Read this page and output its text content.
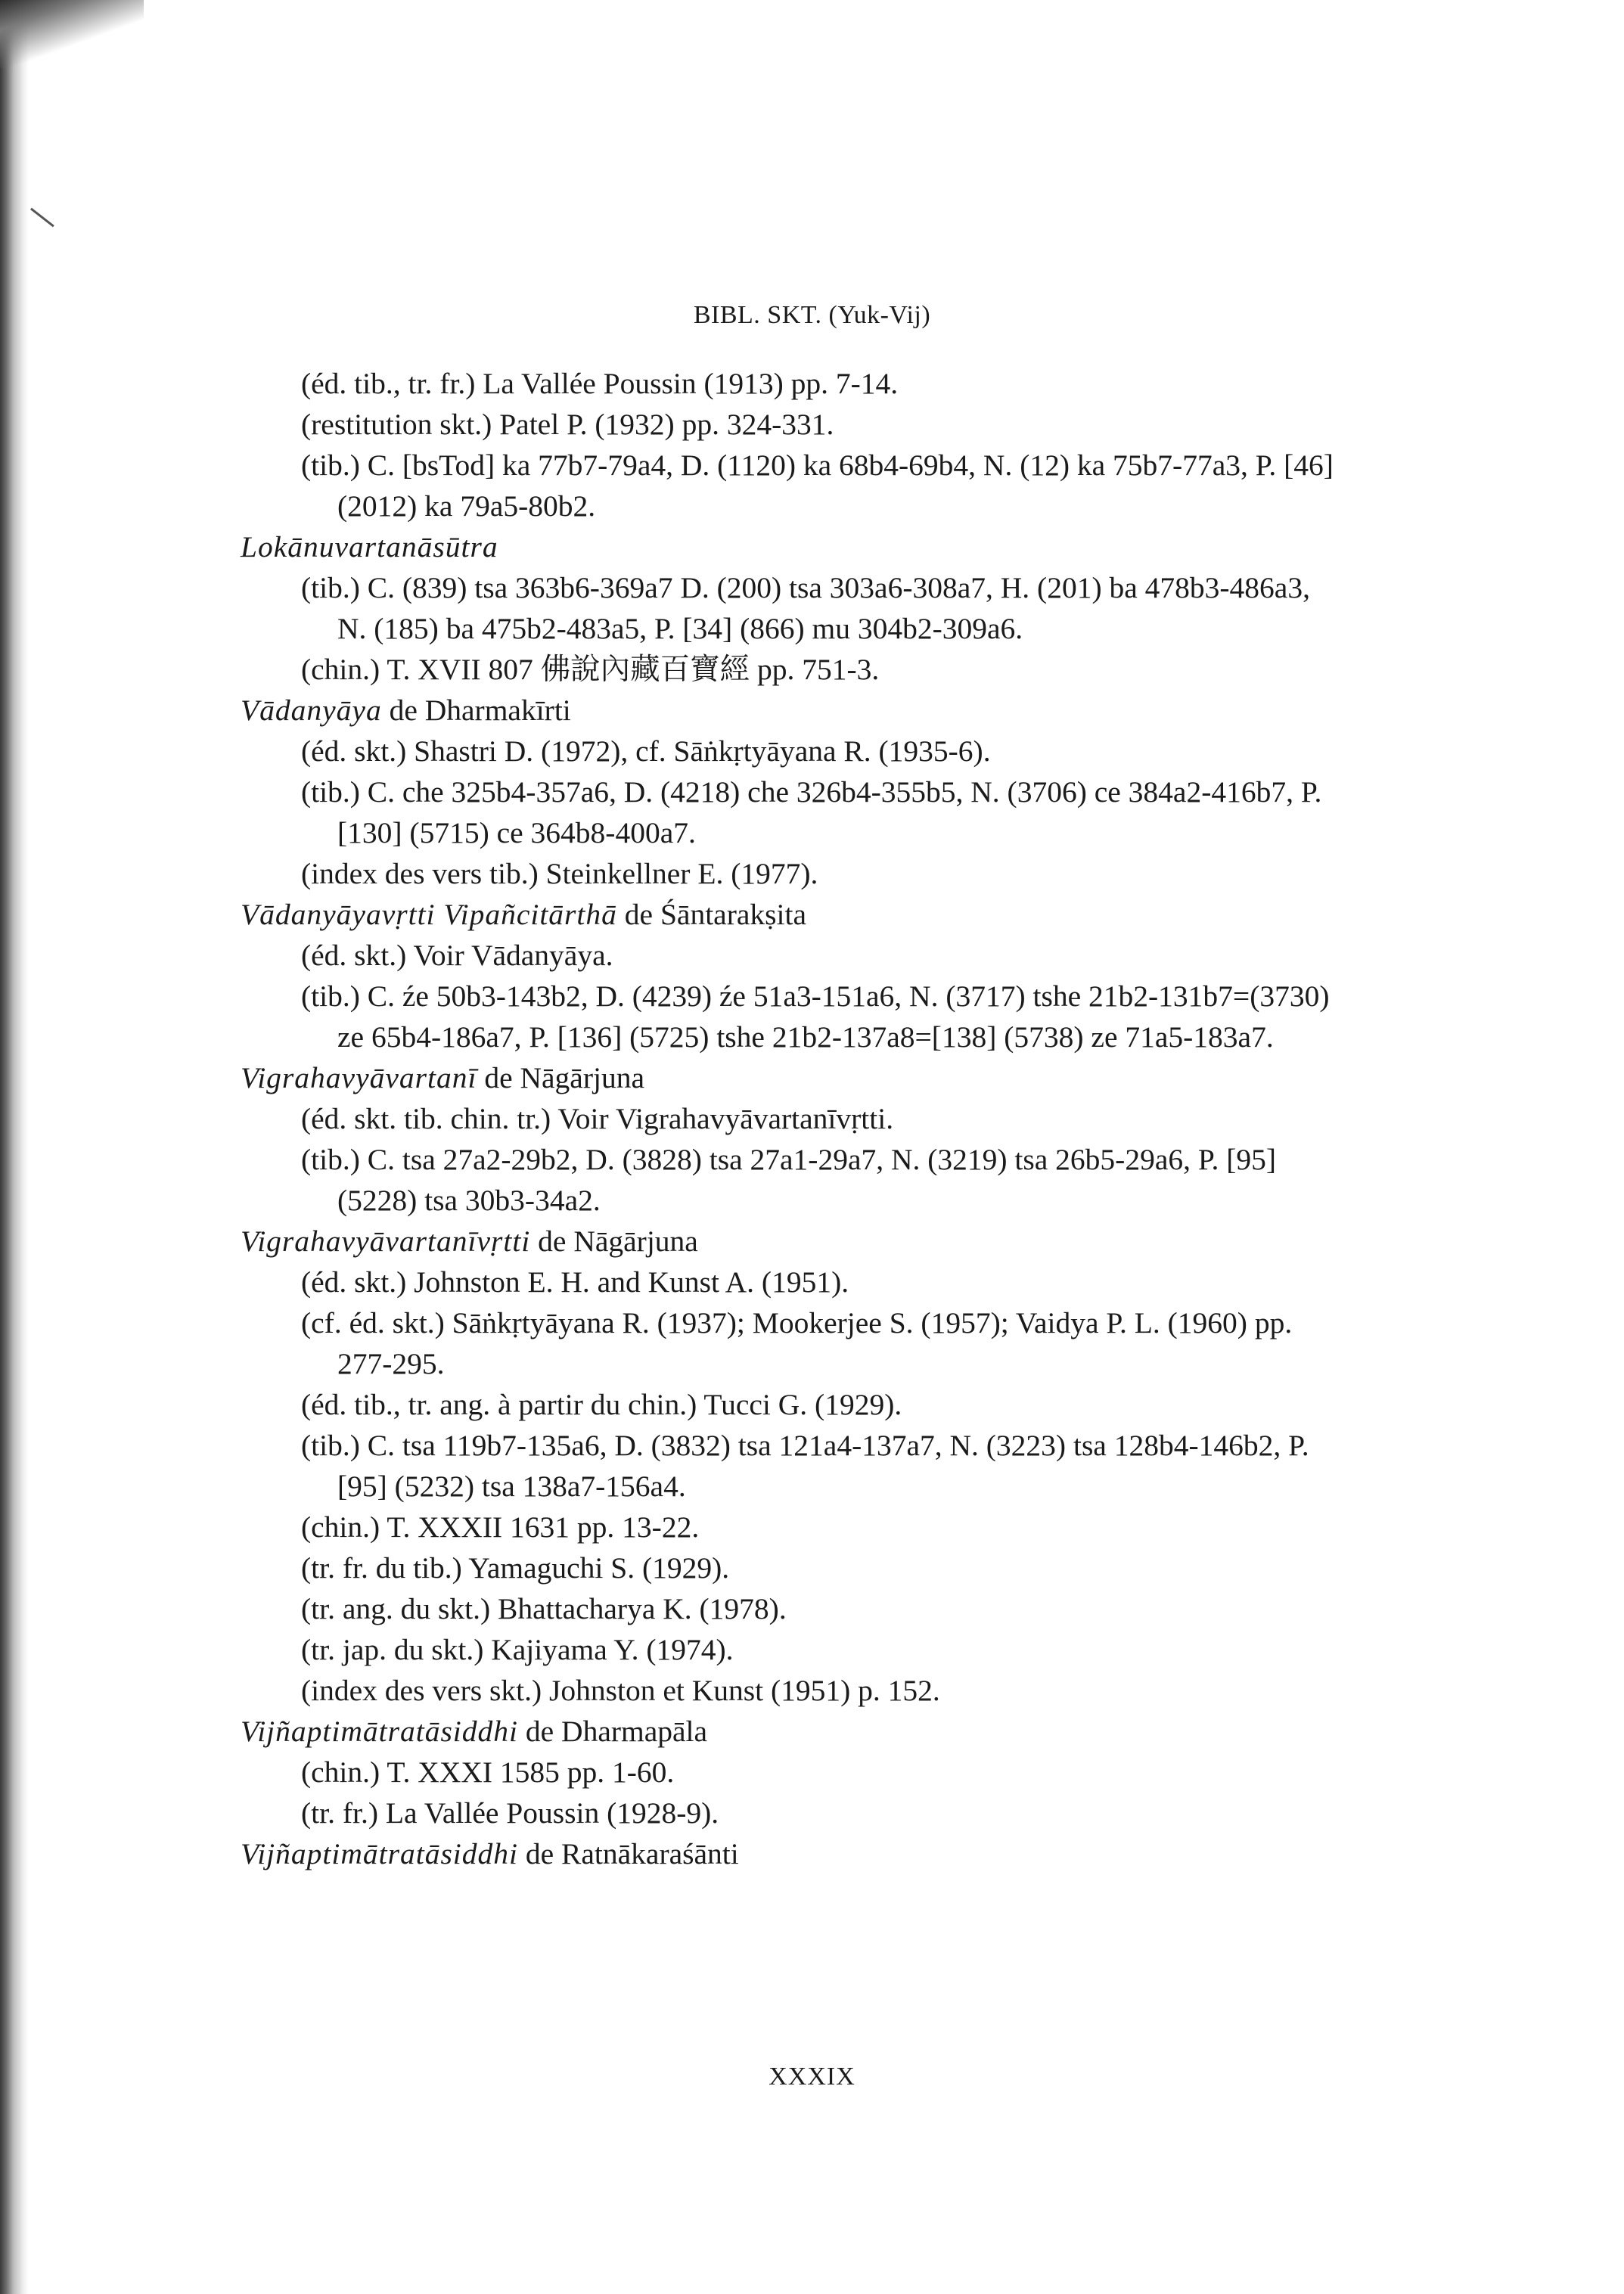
BIBL. SKT. (Yuk-Vij)

(éd. tib., tr. fr.) La Vallée Poussin (1913) pp. 7-14.

(restitution skt.) Patel P. (1932) pp. 324-331.

(tib.) C. [bsTod] ka 77b7-79a4, D. (1120) ka 68b4-69b4, N. (12) ka 75b7-77a3, P. [46] (2012) ka 79a5-80b2.

Lokānuvartanāsūtra

(tib.) C. (839) tsa 363b6-369a7 D. (200) tsa 303a6-308a7, H. (201) ba 478b3-486a3, N. (185) ba 475b2-483a5, P. [34] (866) mu 304b2-309a6.

(chin.) T. XVII 807 佛說內藏百寶經 pp. 751-3.

Vādanyāya de Dharmakīrti

(éd. skt.) Shastri D. (1972), cf. Sāṅkṛtyāyana R. (1935-6).

(tib.) C. che 325b4-357a6, D. (4218) che 326b4-355b5, N. (3706) ce 384a2-416b7, P. [130] (5715) ce 364b8-400a7.

(index des vers tib.) Steinkellner E. (1977).

Vādanyāyavṛtti Vipañcitārthā de Śāntarakṣita

(éd. skt.) Voir Vādanyāya.

(tib.) C. źe 50b3-143b2, D. (4239) źe 51a3-151a6, N. (3717) tshe 21b2-131b7=(3730) ze 65b4-186a7, P. [136] (5725) tshe 21b2-137a8=[138] (5738) ze 71a5-183a7.

Vigrahavyāvartanī de Nāgārjuna

(éd. skt. tib. chin. tr.) Voir Vigrahavyāvartanīvṛtti.

(tib.) C. tsa 27a2-29b2, D. (3828) tsa 27a1-29a7, N. (3219) tsa 26b5-29a6, P. [95] (5228) tsa 30b3-34a2.

Vigrahavyāvartanīvṛtti de Nāgārjuna

(éd. skt.) Johnston E. H. and Kunst A. (1951).

(cf. éd. skt.) Sāṅkṛtyāyana R. (1937); Mookerjee S. (1957); Vaidya P. L. (1960) pp. 277-295.

(éd. tib., tr. ang. à partir du chin.) Tucci G. (1929).

(tib.) C. tsa 119b7-135a6, D. (3832) tsa 121a4-137a7, N. (3223) tsa 128b4-146b2, P. [95] (5232) tsa 138a7-156a4.

(chin.) T. XXXII 1631 pp. 13-22.

(tr. fr. du tib.) Yamaguchi S. (1929).

(tr. ang. du skt.) Bhattacharya K. (1978).

(tr. jap. du skt.) Kajiyama Y. (1974).

(index des vers skt.) Johnston et Kunst (1951) p. 152.

Vijñaptimātratāsiddhi de Dharmapāla

(chin.) T. XXXI 1585 pp. 1-60.

(tr. fr.) La Vallée Poussin (1928-9).

Vijñaptimātratāsiddhi de Ratnākaraśānti

XXXIX
